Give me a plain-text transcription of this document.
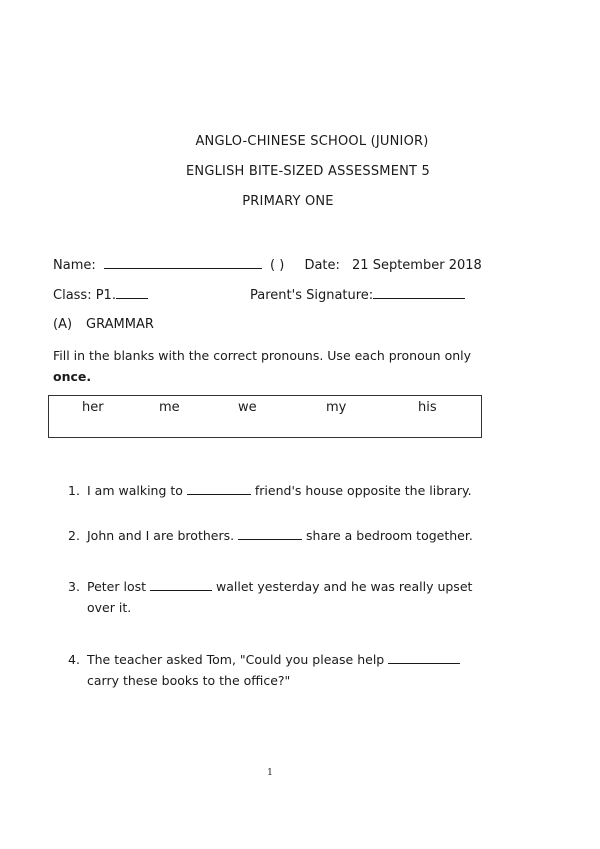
ANGLO-CHINESE SCHOOL (JUNIOR)
ENGLISH BITE-SIZED ASSESSMENT 5
PRIMARY ONE
Name:	( ) Date: 21 September 2018
Class: P1.	Parent's Signature:
(A) GRAMMAR
Fill in the blanks with the correct pronouns. Use each pronoun only
once.
her	me	we	my	his
1. I am walking to	friend's house opposite the library.
2. John and I are brothers.	share a bedroom together.
3. Peter lost	wallet yesterday and he was really upset over it.
4. The teacher asked Tom, "Could you please help  carry these books to the office?"
1
